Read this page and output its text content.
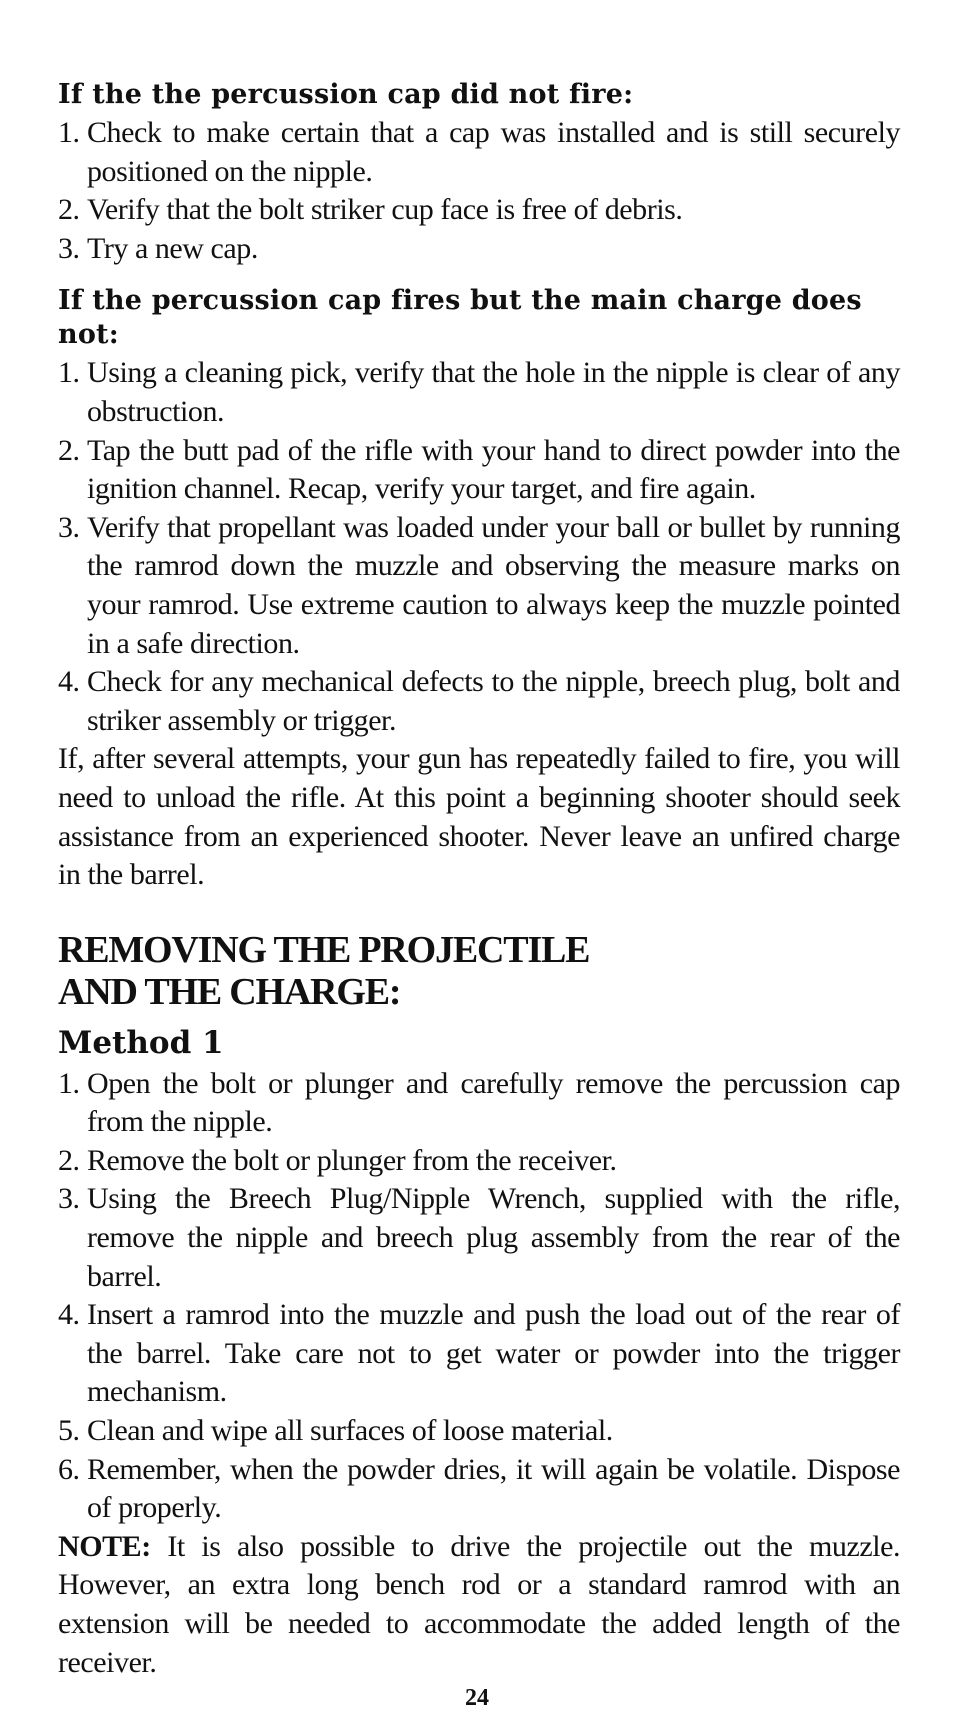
If the the percussion cap did not fire:
1. Check to make certain that a cap was installed and is still securely positioned on the nipple.
2. Verify that the bolt striker cup face is free of debris.
3. Try a new cap.
If the percussion cap fires but the main charge does not:
1. Using a cleaning pick, verify that the hole in the nipple is clear of any obstruction.
2. Tap the butt pad of the rifle with your hand to direct powder into the ignition channel. Recap, verify your target, and fire again.
3. Verify that propellant was loaded under your ball or bullet by running the ramrod down the muzzle and observing the measure marks on your ramrod. Use extreme caution to always keep the muzzle pointed in a safe direction.
4. Check for any mechanical defects to the nipple, breech plug, bolt and striker assembly or trigger.

If, after several attempts, your gun has repeatedly failed to fire, you will need to unload the rifle. At this point a beginning shooter should seek assistance from an experienced shooter. Never leave an unfired charge in the barrel.

REMOVING THE PROJECTILE
AND THE CHARGE:
Method 1
1. Open the bolt or plunger and carefully remove the percussion cap from the nipple.
2. Remove the bolt or plunger from the receiver.
3. Using the Breech Plug/Nipple Wrench, supplied with the rifle, remove the nipple and breech plug assembly from the rear of the barrel.
4. Insert a ramrod into the muzzle and push the load out of the rear of the barrel. Take care not to get water or powder into the trigger mechanism.
5. Clean and wipe all surfaces of loose material.
6. Remember, when the powder dries, it will again be volatile. Dispose of properly.

NOTE: It is also possible to drive the projectile out the muzzle. However, an extra long bench rod or a standard ramrod with an extension will be needed to accommodate the added length of the receiver.

24
